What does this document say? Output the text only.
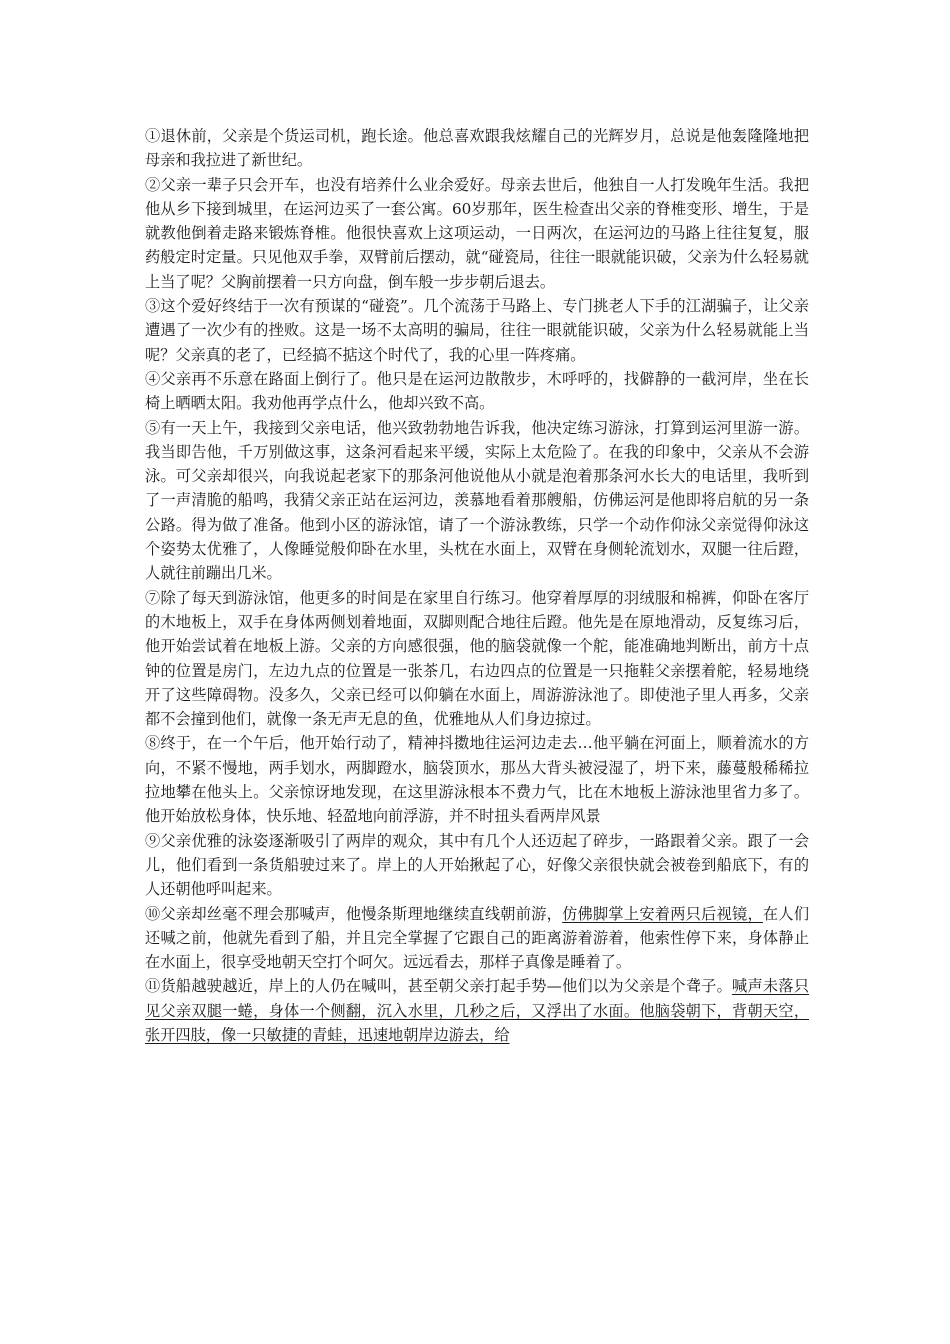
①退休前，父亲是个货运司机，跑长途。他总喜欢跟我炫耀自己的光辉岁月，总说是他轰隆隆地把母亲和我拉进了新世纪。

②父亲一辈子只会开车，也没有培养什么业余爱好。母亲去世后，他独自一人打发晚年生活。我把他从乡下接到城里，在运河边买了一套公寓。60岁那年，医生检查出父亲的脊椎变形、增生，于是就教他倒着走路来锻炼脊椎。他很快喜欢上这项运动，一日两次，在运河边的马路上往往复复，服药般定时定量。只见他双手拳，双臂前后摆动，就“碰瓷局，往往一眼就能识破，父亲为什么轻易就上当了呢？父胸前摆着一只方向盘，倒车般一步步朝后退去。

③这个爱好终结于一次有预谋的“碰瓷”。几个流荡于马路上、专门挑老人下手的江湖骗子，让父亲遭遇了一次少有的挫败。这是一场不太高明的骗局，往往一眼就能识破，父亲为什么轻易就能上当呢？父亲真的老了，已经搞不掂这个时代了，我的心里一阵疼痛。

④父亲再不乐意在路面上倒行了。他只是在运河边散散步，木呼呼的，找僻静的一截河岸，坐在长椅上晒晒太阳。我劝他再学点什么，他却兴致不高。

⑤有一天上午，我接到父亲电话，他兴致勃勃地告诉我，他决定练习游泳，打算到运河里游一游。我当即告他，千万别做这事，这条河看起来平缓，实际上太危险了。在我的印象中，父亲从不会游泳。可父亲却很兴，向我说起老家下的那条河他说他从小就是泡着那条河水长大的电话里，我听到了一声清脆的船鸣，我猜父亲正站在运河边，羡慕地看着那艘船，仿佛运河是他即将启航的另一条公路。得为做了准备。他到小区的游泳馆，请了一个游泳教练，只学一个动作仰泳父亲觉得仰泳这个姿势太优雅了，人像睡觉般仰卧在水里，头枕在水面上，双臂在身侧轮流划水，双腿一往后蹬，人就往前蹦出几米。

⑦除了每天到游泳馆，他更多的时间是在家里自行练习。他穿着厚厚的羽绒服和棉裤，仰卧在客厅的木地板上，双手在身体两侧划着地面，双脚则配合地往后蹬。他先是在原地滑动，反复练习后，他开始尝试着在地板上游。父亲的方向感很强，他的脑袋就像一个舵，能准确地判断出，前方十点钟的位置是房门，左边九点的位置是一张茶几，右边四点的位置是一只拖鞋父亲摆着舵，轻易地绕开了这些障碍物。没多久，父亲已经可以仰躺在水面上，周游游泳池了。即使池子里人再多，父亲都不会撞到他们，就像一条无声无息的鱼，优雅地从人们身边掠过。

⑧终于，在一个午后，他开始行动了，精神抖擞地往运河边走去…他平躺在河面上，顺着流水的方向，不紧不慢地，两手划水，两脚蹬水，脑袋顶水，那丛大背头被浸湿了，坍下来，藤蔓般稀稀拉拉地攀在他头上。父亲惊讶地发现，在这里游泳根本不费力气，比在木地板上游泳池里省力多了。他开始放松身体，快乐地、轻盈地向前浮游，并不时扭头看两岸风景

⑨父亲优雅的泳姿逐渐吸引了两岸的观众，其中有几个人还迈起了碎步，一路跟着父亲。跟了一会儿，他们看到一条货船驶过来了。岸上的人开始揪起了心，好像父亲很快就会被卷到船底下，有的人还朝他呼叫起来。

⑩父亲却丝毫不理会那喊声，他慢条斯理地继续直线朝前游，仿佛脚掌上安着两只后视镜，在人们还喊之前，他就先看到了船，并且完全掌握了它跟自己的距离游着游着，他索性停下来，身体静止在水面上，很享受地朝天空打个呵欠。远远看去，那样子真像是睡着了。

⑪货船越驶越近，岸上的人仍在喊叫，甚至朝父亲打起手势—他们以为父亲是个聋子。喊声未落只见父亲双腿一蜷，身体一个侧翻，沉入水里，几秒之后，又浮出了水面。他脑袋朝下，背朝天空，张开四肢，像一只敏捷的青蛙，迅速地朝岸边游去，给
